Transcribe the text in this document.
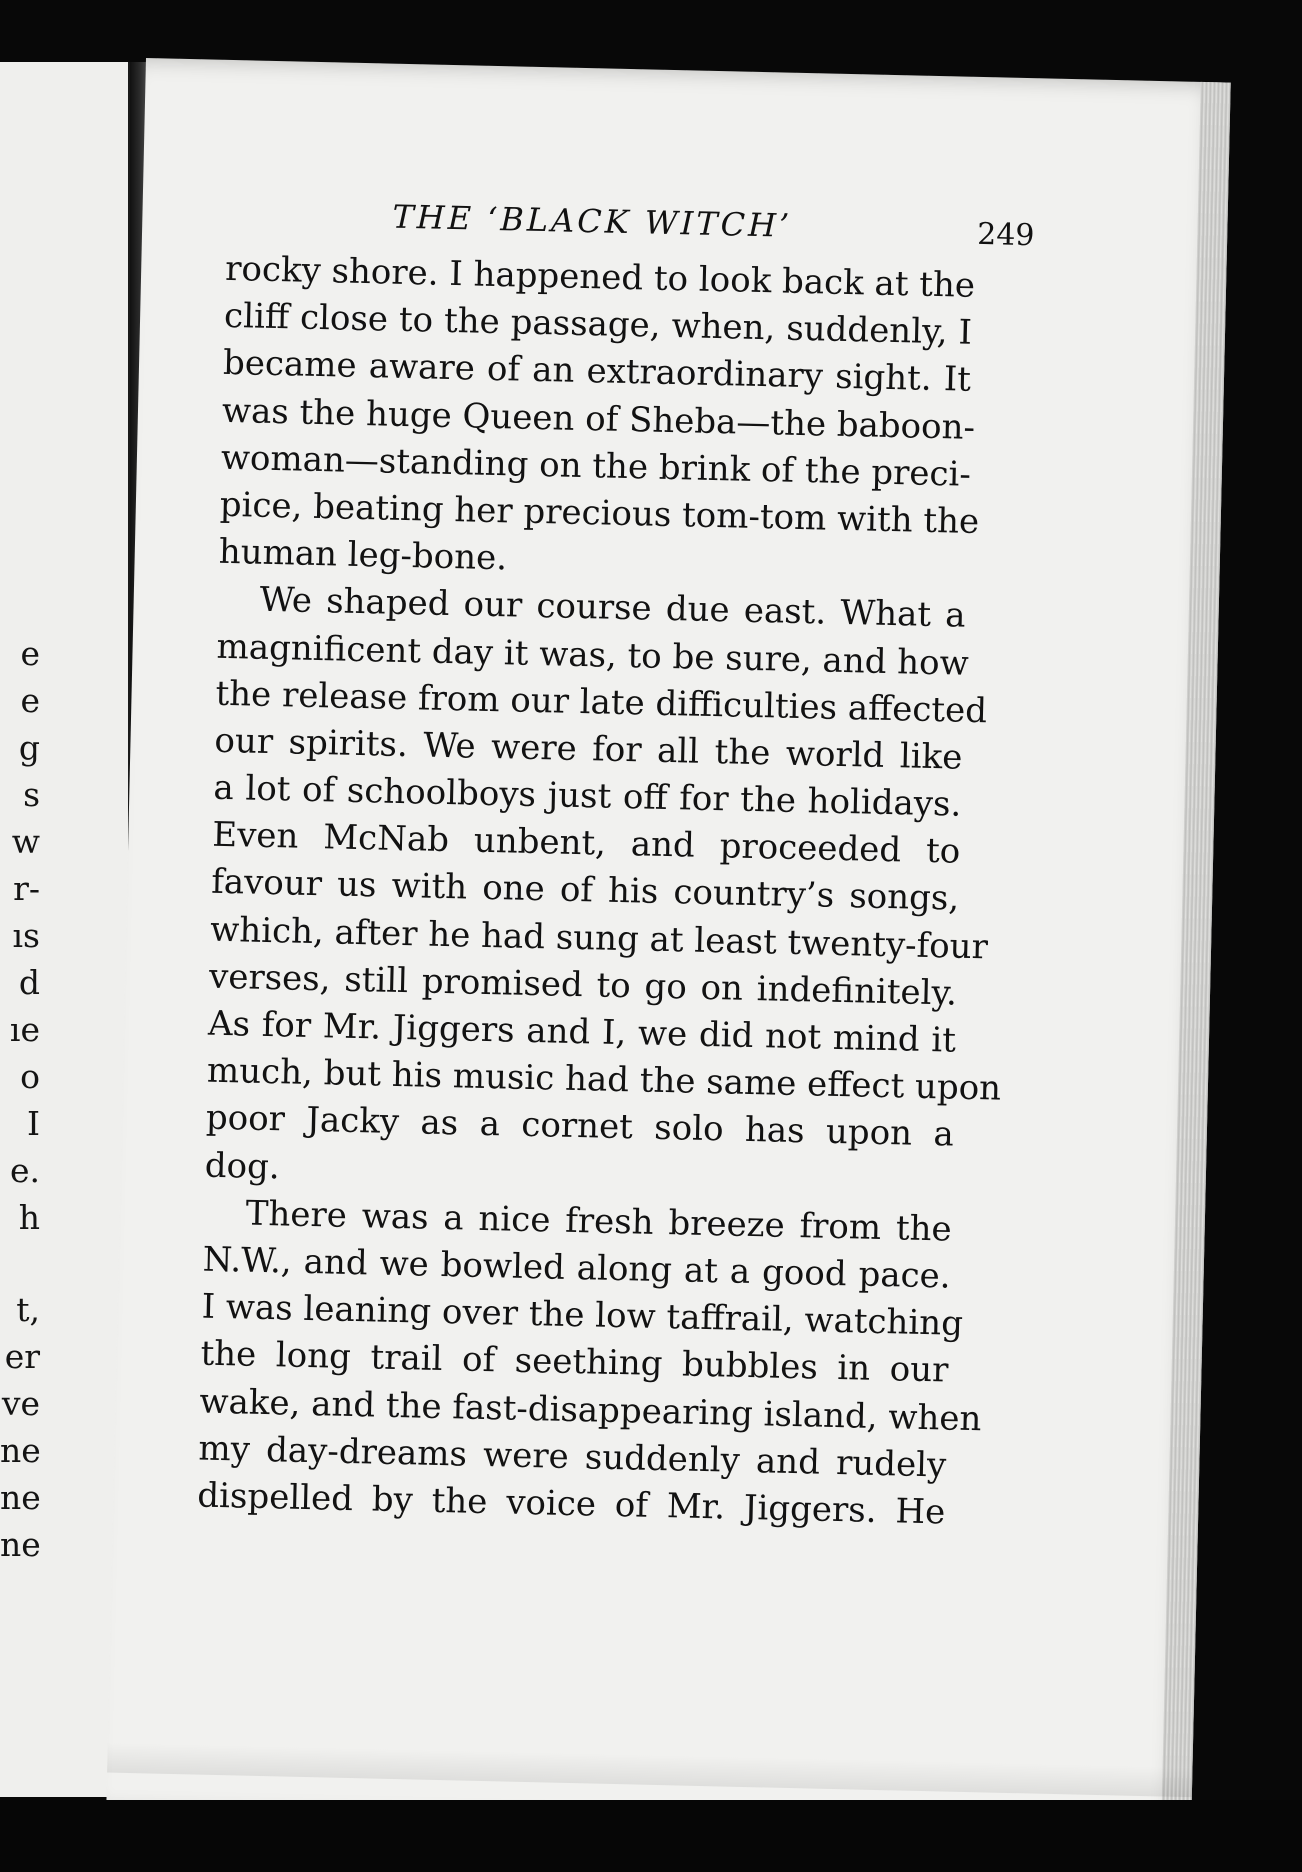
e
e
g
s
w
r-
ıs
d
ıe
o
I
e.
h
t,
er
ve
ne
ne
ne
THE ‘BLACK WITCH’	249
rocky shore. I happened to look back at the
cliff close to the passage, when, suddenly, I
became aware of an extraordinary sight. It
was the huge Queen of Sheba—the baboon-
woman—standing on the brink of the preci-
pice, beating her precious tom-tom with the
human leg-bone.
We shaped our course due east. What a
magnificent day it was, to be sure, and how
the release from our late difficulties affected
our spirits. We were for all the world like
a lot of schoolboys just off for the holidays.
Even McNab unbent, and proceeded to
favour us with one of his country’s songs,
which, after he had sung at least twenty-four
verses, still promised to go on indefinitely.
As for Mr. Jiggers and I, we did not mind it
much, but his music had the same effect upon
poor Jacky as a cornet solo has upon a
dog.
There was a nice fresh breeze from the
N.W., and we bowled along at a good pace.
I was leaning over the low taffrail, watching
the long trail of seething bubbles in our
wake, and the fast-disappearing island, when
my day-dreams were suddenly and rudely
dispelled by the voice of Mr. Jiggers. He
